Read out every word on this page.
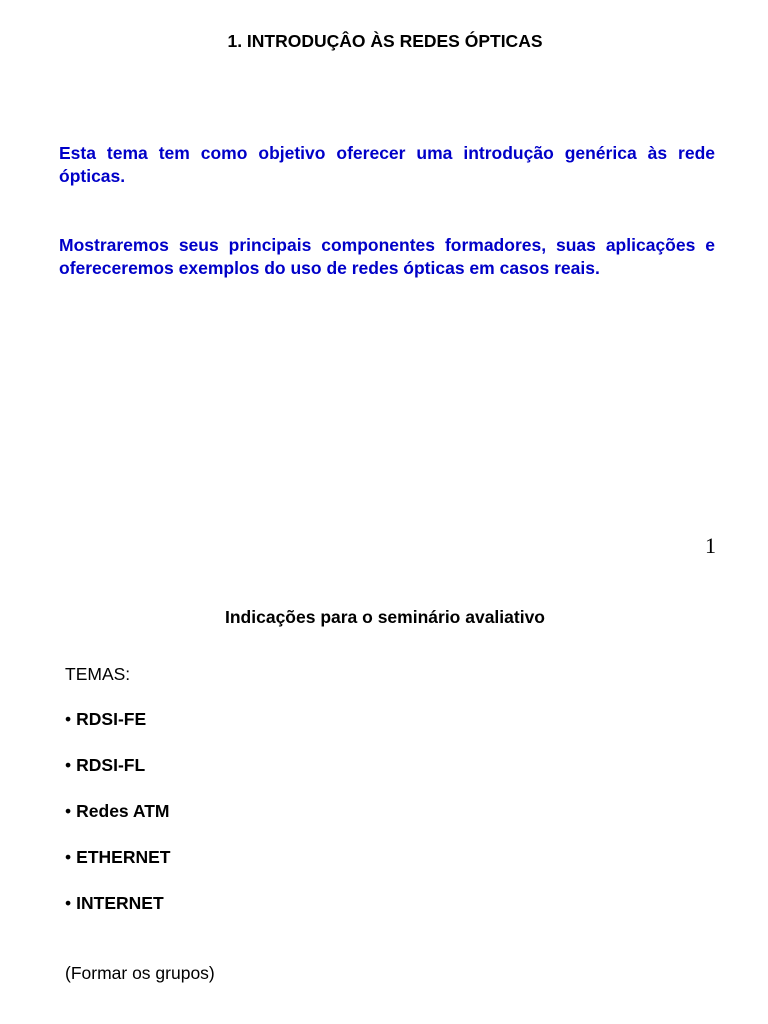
1. INTRODUÇÂO ÀS REDES ÓPTICAS

Esta tema tem como objetivo oferecer uma introdução genérica às rede ópticas.

Mostraremos seus principais componentes formadores, suas aplicações e ofereceremos exemplos do uso de redes ópticas em casos reais.

1
Indicações para o seminário avaliativo
TEMAS:
• RDSI-FE
• RDSI-FL
• Redes ATM
• ETHERNET
• INTERNET
(Formar os grupos)
